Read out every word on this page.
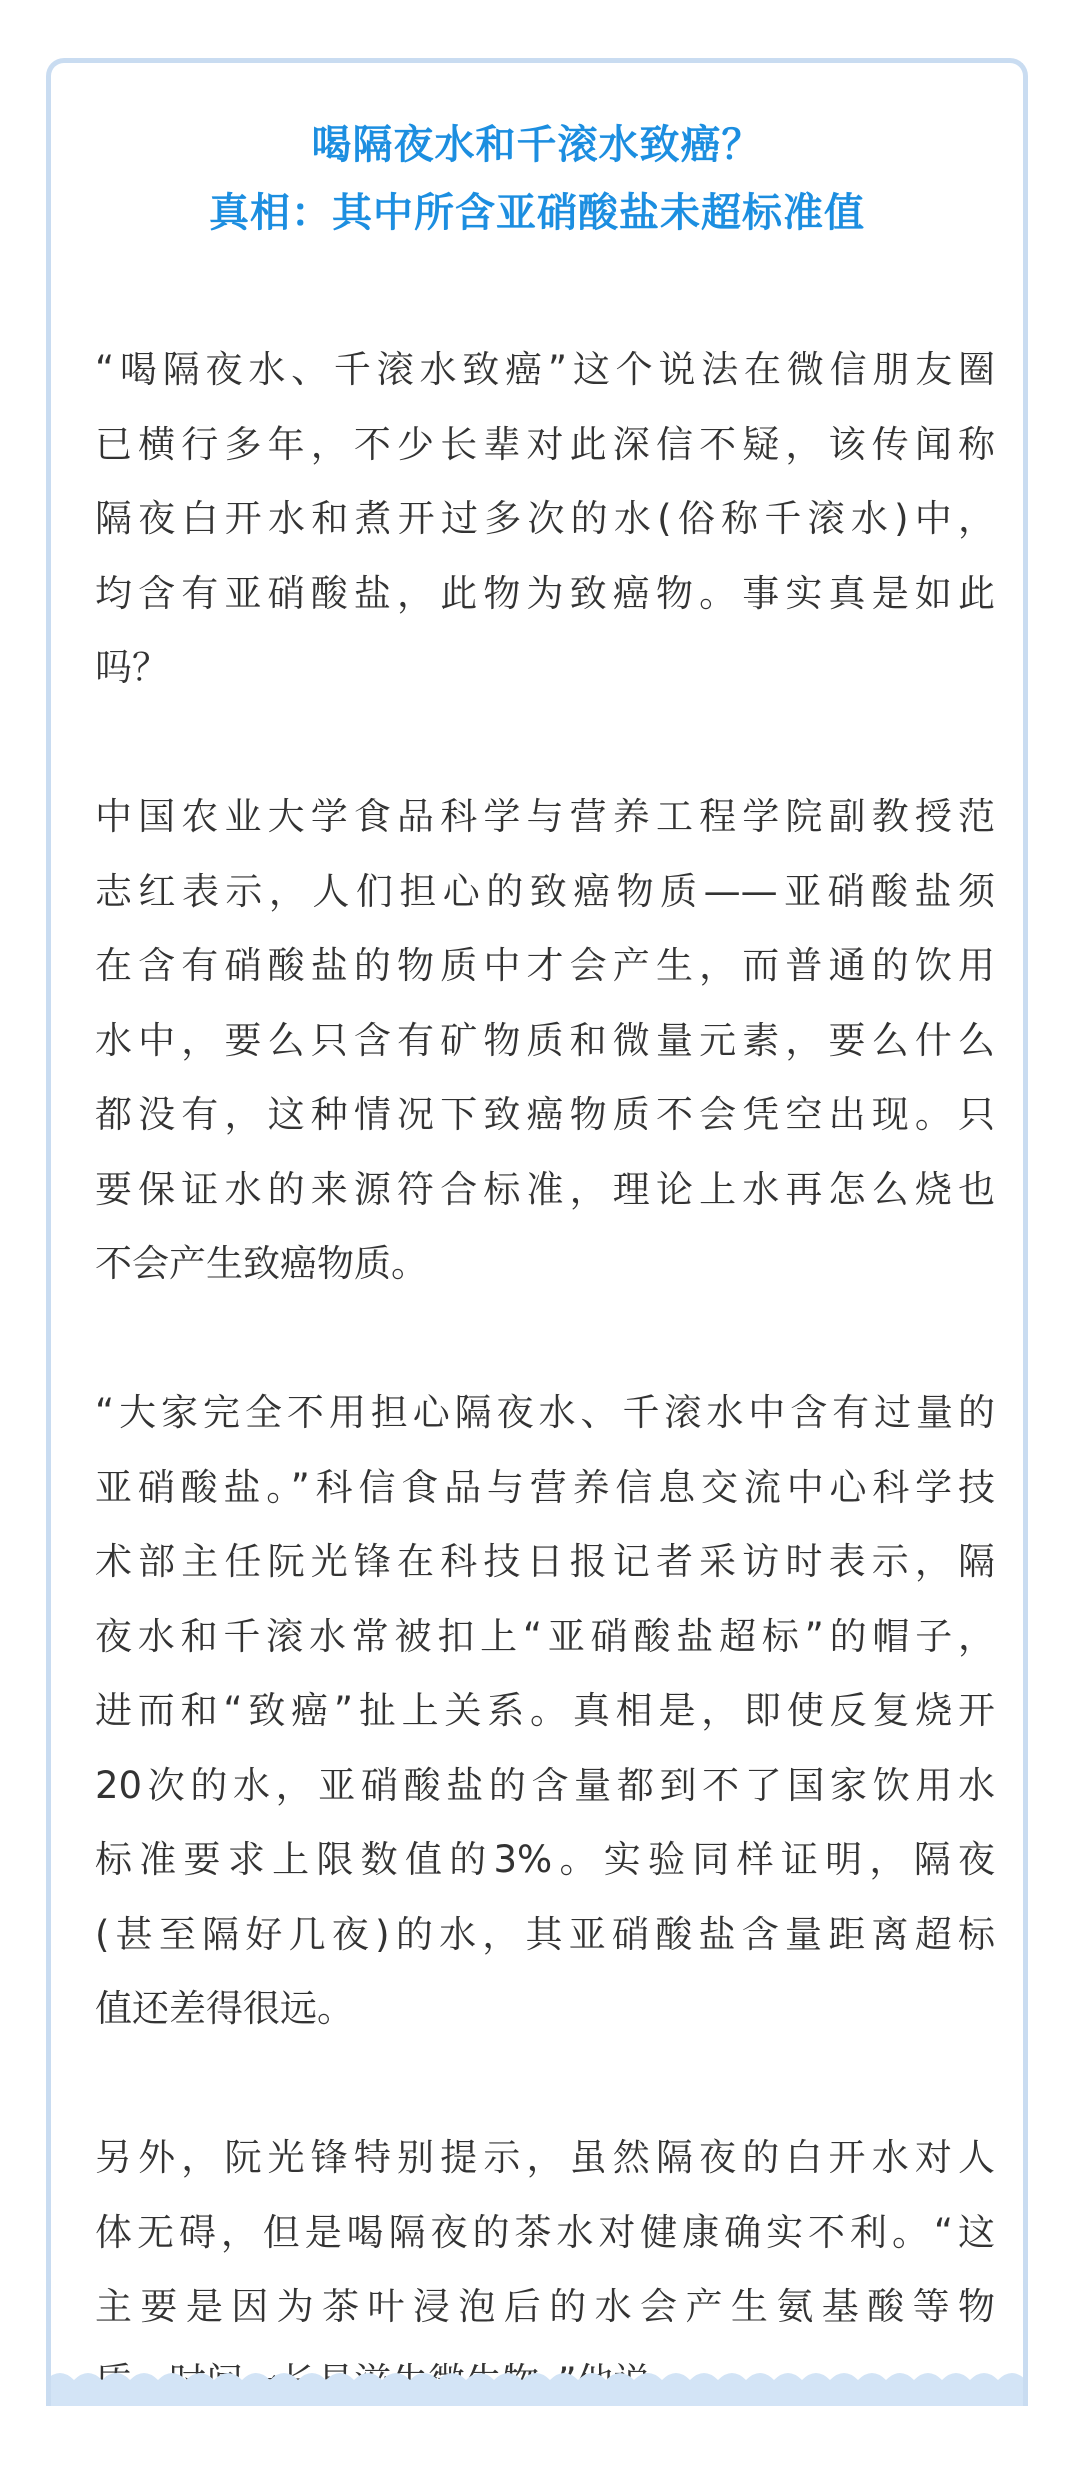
喝隔夜水和千滚水致癌？
真相：其中所含亚硝酸盐未超标准值

“喝隔夜水、千滚水致癌”这个说法在微信朋友圈
已横行多年，不少长辈对此深信不疑，该传闻称
隔夜白开水和煮开过多次的水(俗称千滚水)中，
均含有亚硝酸盐，此物为致癌物。事实真是如此
吗？

中国农业大学食品科学与营养工程学院副教授范
志红表示，人们担心的致癌物质——亚硝酸盐须
在含有硝酸盐的物质中才会产生，而普通的饮用
水中，要么只含有矿物质和微量元素，要么什么
都没有，这种情况下致癌物质不会凭空出现。只
要保证水的来源符合标准，理论上水再怎么烧也
不会产生致癌物质。

“大家完全不用担心隔夜水、千滚水中含有过量的
亚硝酸盐。”科信食品与营养信息交流中心科学技
术部主任阮光锋在科技日报记者采访时表示，隔
夜水和千滚水常被扣上“亚硝酸盐超标”的帽子，
进而和“致癌”扯上关系。真相是，即使反复烧开
20次的水，亚硝酸盐的含量都到不了国家饮用水
标准要求上限数值的3%。实验同样证明，隔夜
(甚至隔好几夜)的水，其亚硝酸盐含量距离超标
值还差得很远。

另外，阮光锋特别提示，虽然隔夜的白开水对人
体无碍，但是喝隔夜的茶水对健康确实不利。“这
主要是因为茶叶浸泡后的水会产生氨基酸等物
